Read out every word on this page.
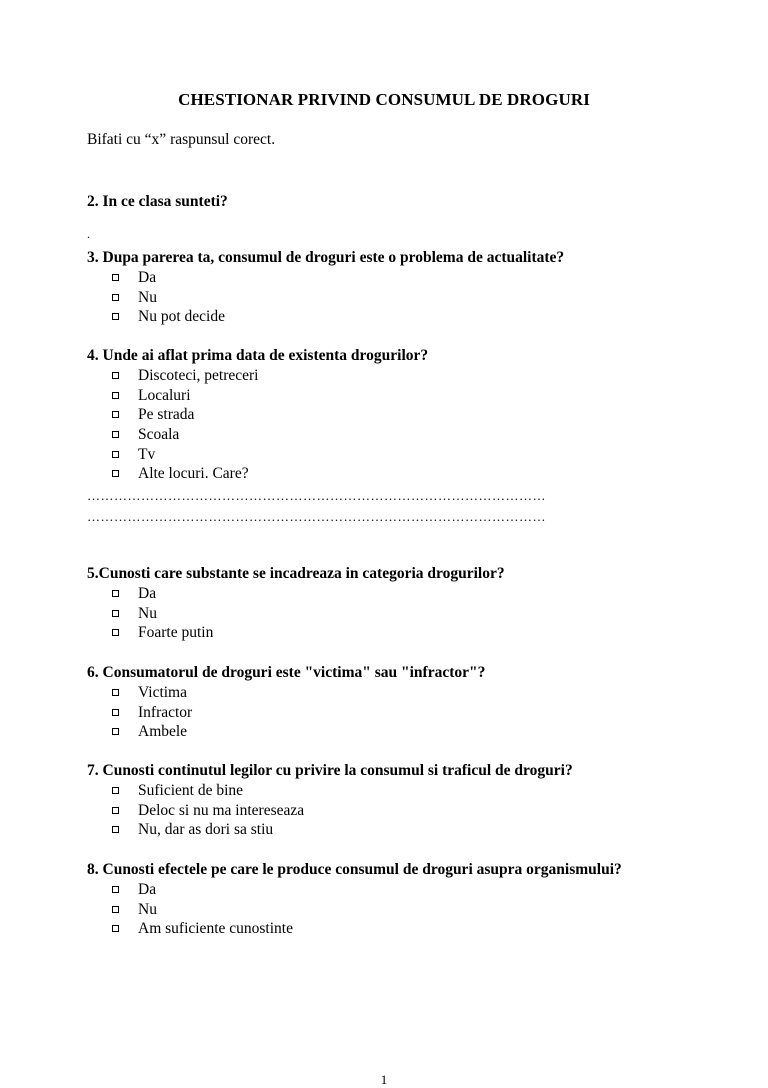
CHESTIONAR PRIVIND CONSUMUL DE DROGURI
Bifati cu “x” raspunsul corect.
2. In ce clasa sunteti?
.
3. Dupa parerea ta, consumul de droguri este o problema de actualitate?
Da
Nu
Nu pot decide
4. Unde ai aflat prima data de existenta drogurilor?
Discoteci, petreceri
Localuri
Pe strada
Scoala
Tv
Alte locuri. Care?
…………………………………………………………………………………………
…………………………………………………………………………………………
5.Cunosti care substante se incadreaza in categoria drogurilor?
Da
Nu
Foarte putin
6. Consumatorul de droguri este "victima" sau "infractor"?
Victima
Infractor
Ambele
7. Cunosti continutul legilor cu privire la consumul si traficul de droguri?
Suficient de bine
Deloc si nu ma intereseaza
Nu, dar as dori sa stiu
8. Cunosti efectele pe care le produce consumul de droguri asupra organismului?
Da
Nu
Am suficiente cunostinte
1
